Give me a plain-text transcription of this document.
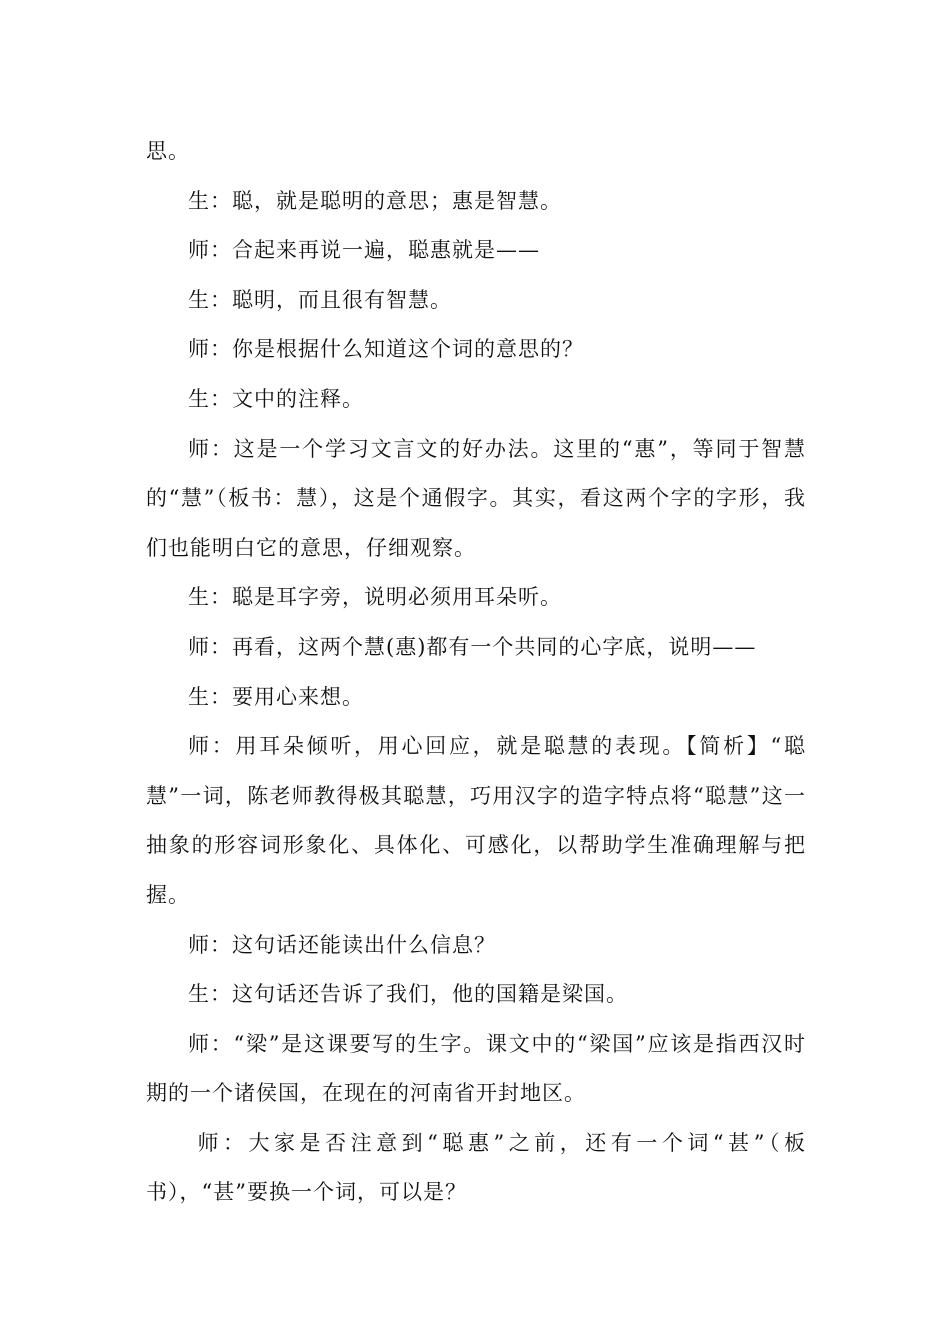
思。

生：聪，就是聪明的意思；惠是智慧。

师：合起来再说一遍，聪惠就是——

生：聪明，而且很有智慧。

师：你是根据什么知道这个词的意思的？

生：文中的注释。

师：这是一个学习文言文的好办法。这里的“惠”，等同于智慧的“慧”（板书：慧），这是个通假字。其实，看这两个字的字形，我们也能明白它的意思，仔细观察。

生：聪是耳字旁，说明必须用耳朵听。

师：再看，这两个慧(惠)都有一个共同的心字底，说明——

生：要用心来想。

师：用耳朵倾听，用心回应，就是聪慧的表现。【简析】“聪慧”一词，陈老师教得极其聪慧，巧用汉字的造字特点将“聪慧”这一抽象的形容词形象化、具体化、可感化，以帮助学生准确理解与把握。

师：这句话还能读出什么信息？

生：这句话还告诉了我们，他的国籍是梁国。

师：“梁”是这课要写的生字。课文中的“梁国”应该是指西汉时期的一个诸侯国，在现在的河南省开封地区。

师：大家是否注意到“聪惠”之前，还有一个词“甚”（板书），“甚”要换一个词，可以是？
